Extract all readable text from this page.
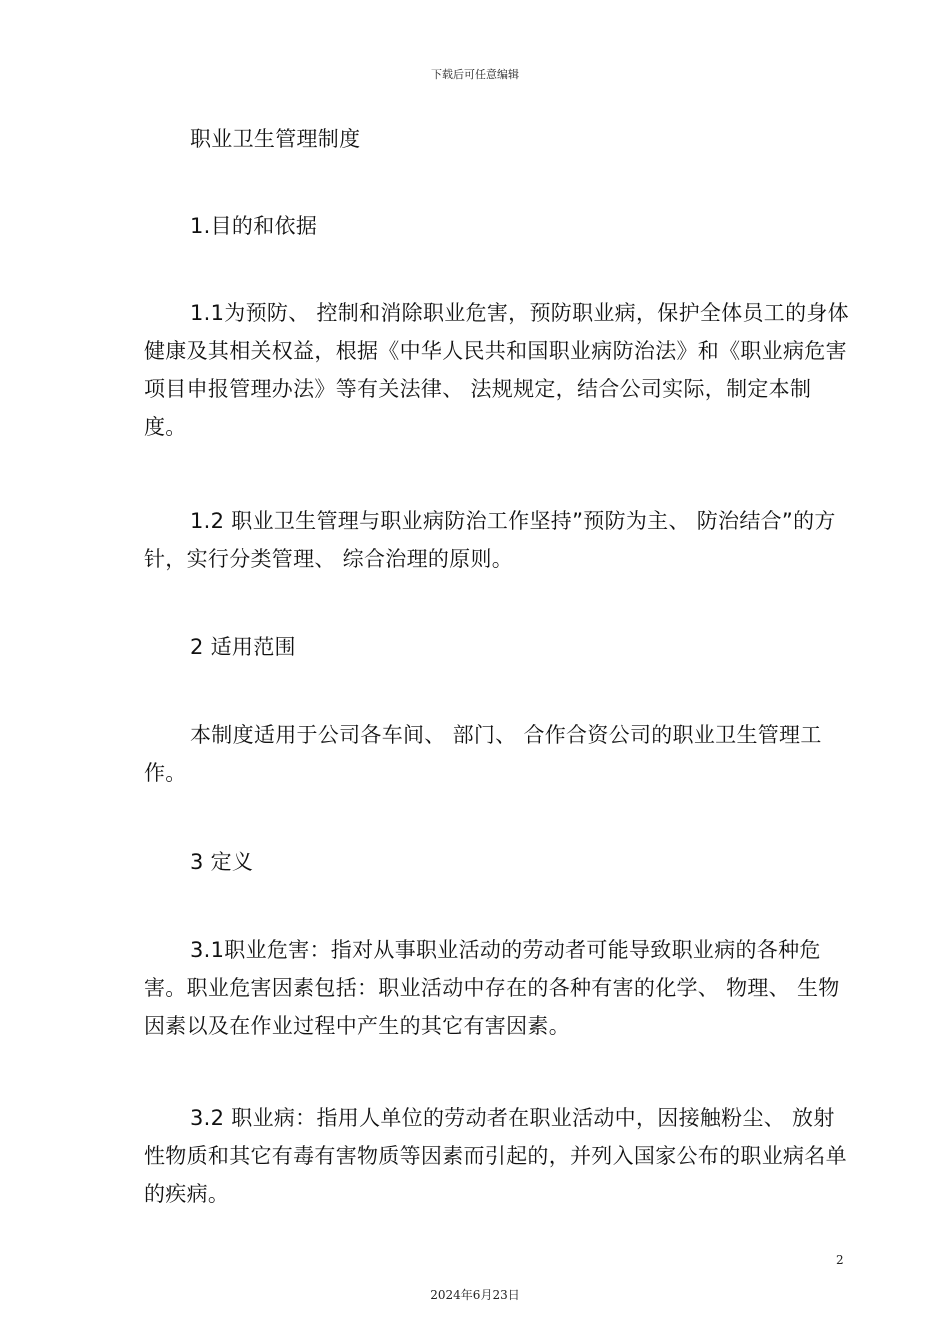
下载后可任意编辑

职业卫生管理制度

1.目的和依据

1.1为预防、 控制和消除职业危害，预防职业病，保护全体员工的身体健康及其相关权益，根据《中华人民共和国职业病防治法》和《职业病危害项目申报管理办法》等有关法律、 法规规定，结合公司实际，制定本制度。

1.2 职业卫生管理与职业病防治工作坚持”预防为主、 防治结合”的方针，实行分类管理、 综合治理的原则。

2 适用范围

本制度适用于公司各车间、 部门、 合作合资公司的职业卫生管理工作。

3 定义

3.1职业危害：指对从事职业活动的劳动者可能导致职业病的各种危害。职业危害因素包括：职业活动中存在的各种有害的化学、 物理、 生物因素以及在作业过程中产生的其它有害因素。

3.2 职业病：指用人单位的劳动者在职业活动中，因接触粉尘、 放射性物质和其它有毒有害物质等因素而引起的，并列入国家公布的职业病名单的疾病。

2
2024年6月23日
